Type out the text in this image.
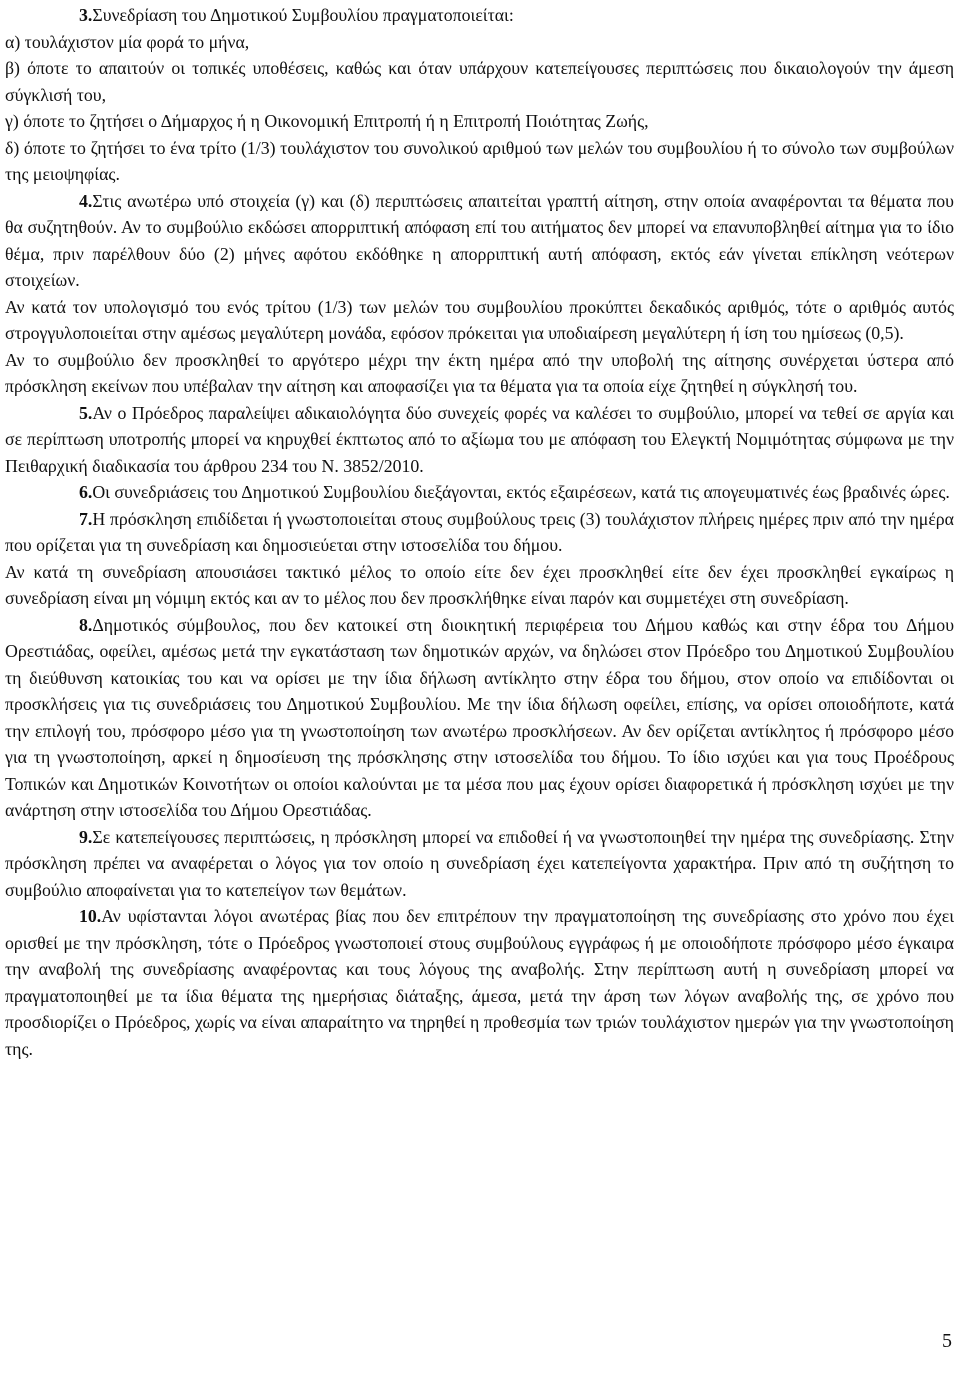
3.Συνεδρίαση του Δημοτικού Συμβουλίου πραγματοποιείται:

α) τουλάχιστον μία φορά το μήνα,

β) όποτε το απαιτούν οι τοπικές υποθέσεις, καθώς και όταν υπάρχουν κατεπείγουσες περιπτώσεις που δικαιολογούν την άμεση σύγκλισή του,

γ) όποτε το ζητήσει ο Δήμαρχος ή η Οικονομική Επιτροπή ή η Επιτροπή Ποιότητας Ζωής,

δ) όποτε το ζητήσει το ένα τρίτο (1/3) τουλάχιστον του συνολικού αριθμού των μελών του συμβουλίου ή το σύνολο των συμβούλων της μειοψηφίας.

4.Στις ανωτέρω υπό στοιχεία (γ) και (δ) περιπτώσεις απαιτείται γραπτή αίτηση, στην οποία αναφέρονται τα θέματα που θα συζητηθούν. Αν το συμβούλιο εκδώσει απορριπτική απόφαση επί του αιτήματος δεν μπορεί να επανυποβληθεί αίτημα για το ίδιο θέμα, πριν παρέλθουν δύο (2) μήνες αφότου εκδόθηκε η απορριπτική αυτή απόφαση, εκτός εάν γίνεται επίκληση νεότερων στοιχείων.

Αν κατά τον υπολογισμό του ενός τρίτου (1/3) των μελών του συμβουλίου προκύπτει δεκαδικός αριθμός, τότε ο αριθμός αυτός στρογγυλοποιείται στην αμέσως μεγαλύτερη μονάδα, εφόσον πρόκειται για υποδιαίρεση μεγαλύτερη ή ίση του ημίσεως (0,5).

Αν το συμβούλιο δεν προσκληθεί το αργότερο μέχρι την έκτη ημέρα από την υποβολή της αίτησης συνέρχεται ύστερα από πρόσκληση εκείνων που υπέβαλαν την αίτηση και αποφασίζει για τα θέματα για τα οποία είχε ζητηθεί η σύγκλησή του.

5.Αν ο Πρόεδρος παραλείψει αδικαιολόγητα δύο συνεχείς φορές να καλέσει το συμβούλιο, μπορεί να τεθεί σε αργία και σε περίπτωση υποτροπής μπορεί να κηρυχθεί έκπτωτος από το αξίωμα του με απόφαση του Ελεγκτή Νομιμότητας σύμφωνα με την Πειθαρχική διαδικασία του άρθρου 234 του Ν. 3852/2010.

6.Οι συνεδριάσεις του Δημοτικού Συμβουλίου διεξάγονται, εκτός εξαιρέσεων, κατά τις απογευματινές έως βραδινές ώρες.

7.Η πρόσκληση επιδίδεται ή γνωστοποιείται στους συμβούλους τρεις (3) τουλάχιστον πλήρεις ημέρες πριν από την ημέρα που ορίζεται για τη συνεδρίαση και δημοσιεύεται στην ιστοσελίδα του δήμου.

Αν κατά τη συνεδρίαση απουσιάσει τακτικό μέλος το οποίο είτε δεν έχει προσκληθεί είτε δεν έχει προσκληθεί εγκαίρως η συνεδρίαση είναι μη νόμιμη εκτός και αν το μέλος που δεν προσκλήθηκε είναι παρόν και συμμετέχει στη συνεδρίαση.

8.Δημοτικός σύμβουλος, που δεν κατοικεί στη διοικητική περιφέρεια του Δήμου καθώς και στην έδρα του Δήμου Ορεστιάδας, οφείλει, αμέσως μετά την εγκατάσταση των δημοτικών αρχών, να δηλώσει στον Πρόεδρο του Δημοτικού Συμβουλίου τη διεύθυνση κατοικίας του και να ορίσει με την ίδια δήλωση αντίκλητο στην έδρα του δήμου, στον οποίο να επιδίδονται οι προσκλήσεις για τις συνεδριάσεις του Δημοτικού Συμβουλίου. Με την ίδια δήλωση οφείλει, επίσης, να ορίσει οποιοδήποτε, κατά την επιλογή του, πρόσφορο μέσο για τη γνωστοποίηση των ανωτέρω προσκλήσεων. Αν δεν ορίζεται αντίκλητος ή πρόσφορο μέσο για τη γνωστοποίηση, αρκεί η δημοσίευση της πρόσκλησης στην ιστοσελίδα του δήμου. Το ίδιο ισχύει και για τους Προέδρους Τοπικών και Δημοτικών Κοινοτήτων οι οποίοι καλούνται με τα μέσα που μας έχουν ορίσει διαφορετικά ή πρόσκληση ισχύει με την ανάρτηση στην ιστοσελίδα του Δήμου Ορεστιάδας.

9.Σε κατεπείγουσες περιπτώσεις, η πρόσκληση μπορεί να επιδοθεί ή να γνωστοποιηθεί την ημέρα της συνεδρίασης. Στην πρόσκληση πρέπει να αναφέρεται ο λόγος για τον οποίο η συνεδρίαση έχει κατεπείγοντα χαρακτήρα. Πριν από τη συζήτηση το συμβούλιο αποφαίνεται για το κατεπείγον των θεμάτων.

10.Αν υφίστανται λόγοι ανωτέρας βίας που δεν επιτρέπουν την πραγματοποίηση της συνεδρίασης στο χρόνο που έχει ορισθεί με την πρόσκληση, τότε ο Πρόεδρος γνωστοποιεί στους συμβούλους εγγράφως ή με οποιοδήποτε πρόσφορο μέσο έγκαιρα την αναβολή της συνεδρίασης αναφέροντας και τους λόγους της αναβολής. Στην περίπτωση αυτή η συνεδρίαση μπορεί να πραγματοποιηθεί με τα ίδια θέματα της ημερήσιας διάταξης, άμεσα, μετά την άρση των λόγων αναβολής της, σε χρόνο που προσδιορίζει ο Πρόεδρος, χωρίς να είναι απαραίτητο να τηρηθεί η προθεσμία των τριών τουλάχιστον ημερών για την γνωστοποίηση της.

5
